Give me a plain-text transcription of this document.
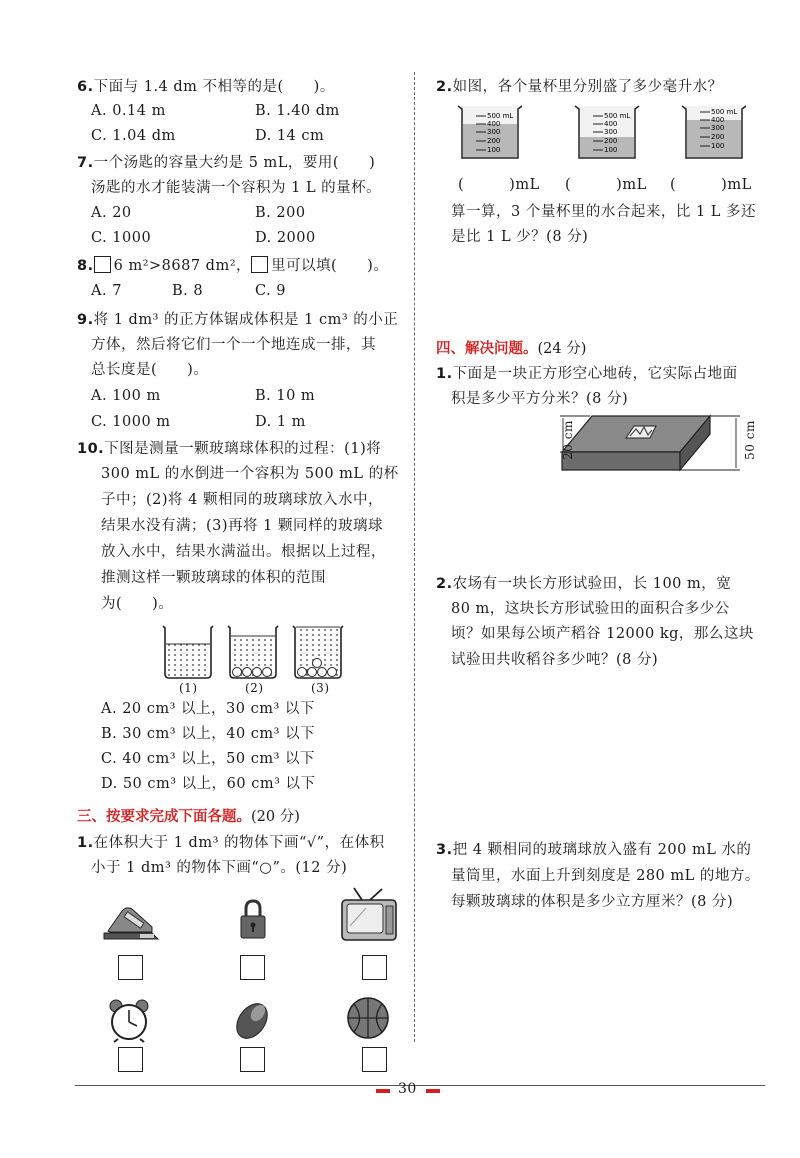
6.下面与 1.4 dm 不相等的是(　　)。
A. 0.14 m	B. 1.40 dm
C. 1.04 dm	D. 14 cm
7.一个汤匙的容量大约是 5 mL，要用(　　)
汤匙的水才能装满一个容积为 1 L 的量杯。
A. 20	B. 200
C. 1000	D. 2000
8. 6 m²>8687 dm²， 里可以填(　　)。
A. 7	B. 8	C. 9
9.将 1 dm³ 的正方体锯成体积是 1 cm³ 的小正
方体，然后将它们一个一个地连成一排，其
总长度是(　　)。
A. 100 m	B. 10 m
C. 1000 m	D. 1 m
10.下图是测量一颗玻璃球体积的过程：(1)将
300 mL 的水倒进一个容积为 500 mL 的杯
子中；(2)将 4 颗相同的玻璃球放入水中，
结果水没有满；(3)再将 1 颗同样的玻璃球
放入水中，结果水满溢出。根据以上过程，
推测这样一颗玻璃球的体积的范围
为(　　)。
(1)	(2)	(3)
A. 20 cm³ 以上，30 cm³ 以下
B. 30 cm³ 以上，40 cm³ 以下
C. 40 cm³ 以上，50 cm³ 以下
D. 50 cm³ 以上，60 cm³ 以下
三、按要求完成下面各题。(20 分)
1.在体积大于 1 dm³ 的物体下画“√”，在体积
小于 1 dm³ 的物体下画“○”。(12 分)
2.如图，各个量杯里分别盛了多少毫升水？
500 mL
400
300
200
100
500 mL
400
300
200
100
500 mL
400
300
200
100
(　　　)mL (　　　)mL (　　　)mL
算一算，3 个量杯里的水合起来，比 1 L 多还
是比 1 L 少？(8 分)
四、解决问题。(24 分)
1.下面是一块正方形空心地砖，它实际占地面
积是多少平方分米？(8 分)
20 cm	50 cm
2.农场有一块长方形试验田，长 100 m，宽
80 m，这块长方形试验田的面积合多少公
顷？如果每公顷产稻谷 12000 kg，那么这块
试验田共收稻谷多少吨？(8 分)
3.把 4 颗相同的玻璃球放入盛有 200 mL 水的
量筒里，水面上升到刻度是 280 mL 的地方。
每颗玻璃球的体积是多少立方厘米？(8 分)
30
